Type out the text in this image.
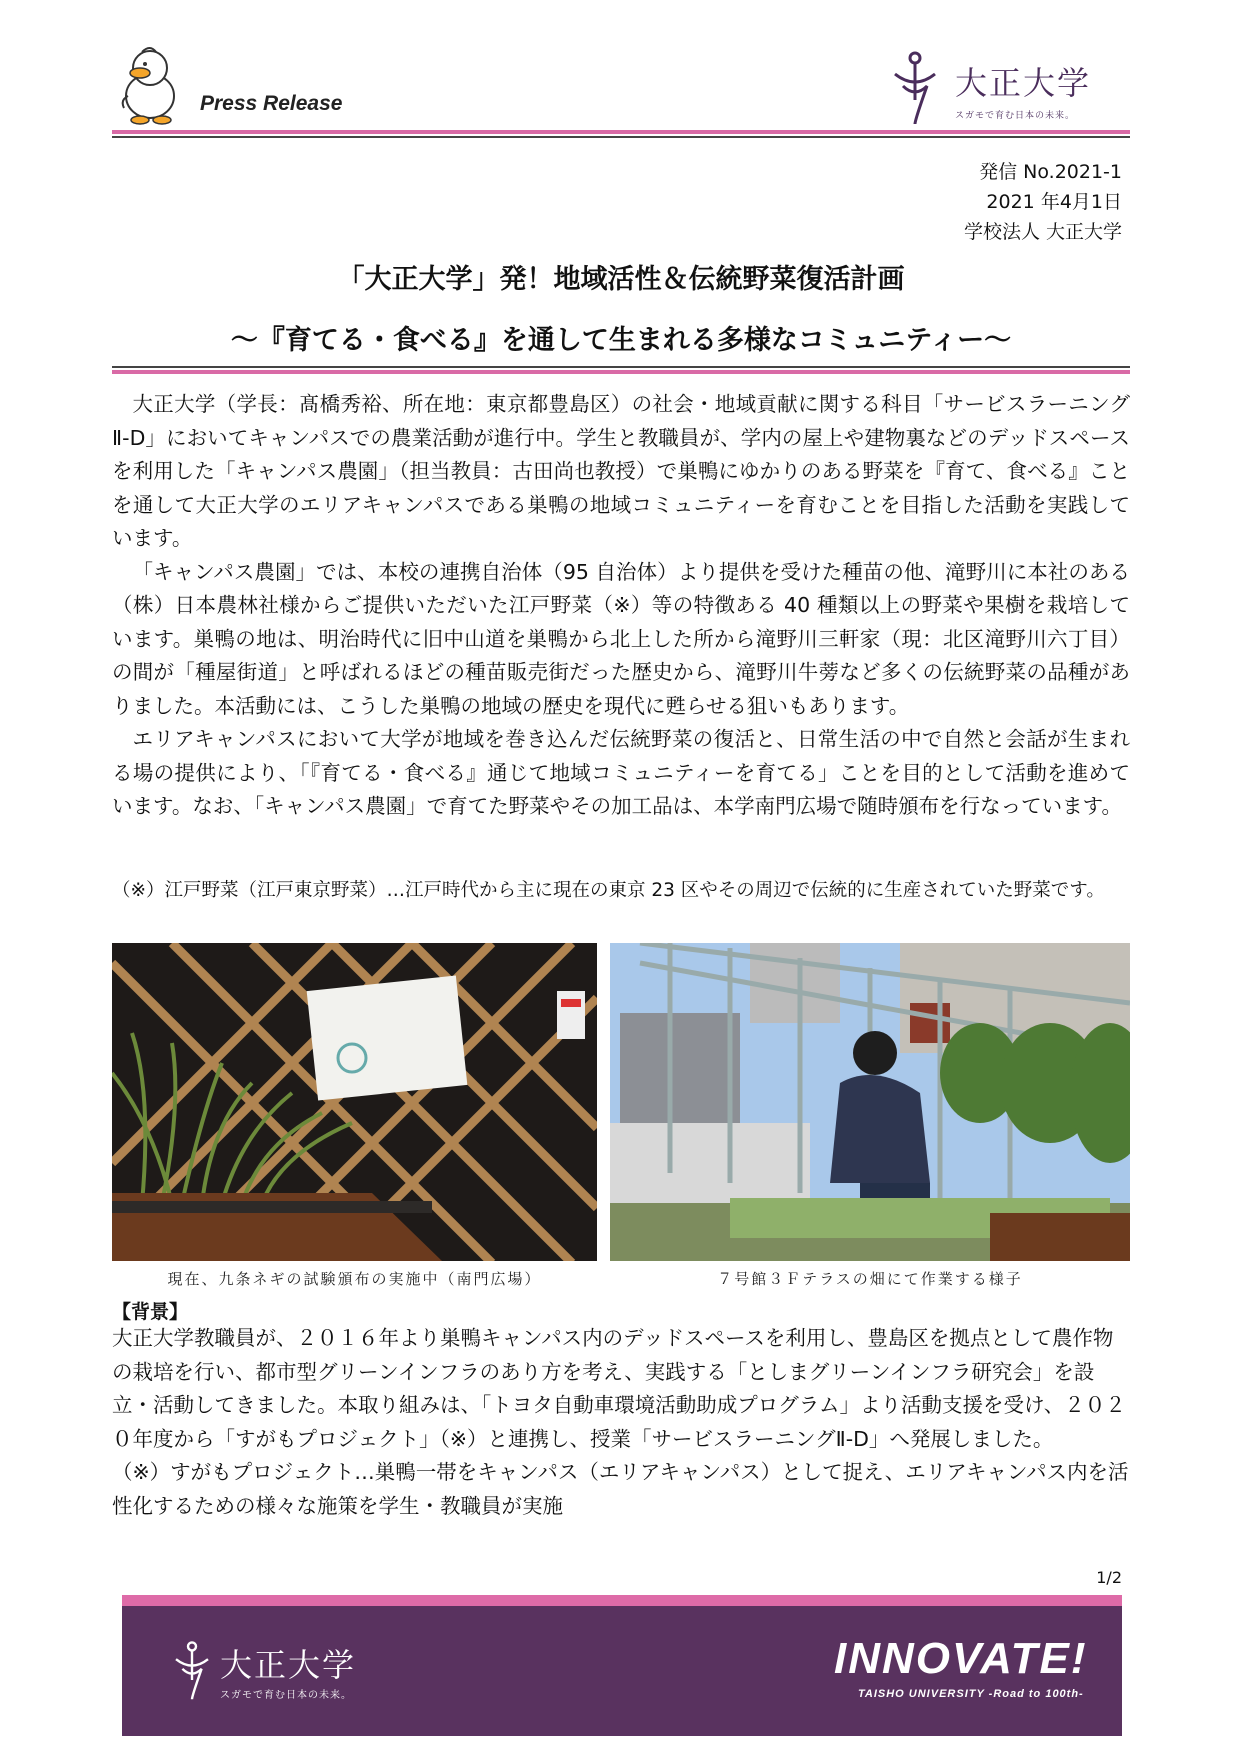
Press Release
大正大学
スガモで育む日本の未来。
発信 No.2021-1
2021 年4月1日
学校法人 大正大学
「大正大学」発！地域活性＆伝統野菜復活計画
～『育てる・食べる』を通して生まれる多様なコミュニティー～

大正大学（学長：髙橋秀裕、所在地：東京都豊島区）の社会・地域貢献に関する科目「サービスラーニングⅡ-D」においてキャンパスでの農業活動が進行中。学生と教職員が、学内の屋上や建物裏などのデッドスペースを利用した「キャンパス農園」（担当教員：古田尚也教授）で巣鴨にゆかりのある野菜を『育て、食べる』ことを通して大正大学のエリアキャンパスである巣鴨の地域コミュニティーを育むことを目指した活動を実践しています。

「キャンパス農園」では、本校の連携自治体（95 自治体）より提供を受けた種苗の他、滝野川に本社のある（株）日本農林社様からご提供いただいた江戸野菜（※）等の特徴ある 40 種類以上の野菜や果樹を栽培しています。巣鴨の地は、明治時代に旧中山道を巣鴨から北上した所から滝野川三軒家（現：北区滝野川六丁目）の間が「種屋街道」と呼ばれるほどの種苗販売街だった歴史から、滝野川牛蒡など多くの伝統野菜の品種がありました。本活動には、こうした巣鴨の地域の歴史を現代に甦らせる狙いもあります。

エリアキャンパスにおいて大学が地域を巻き込んだ伝統野菜の復活と、日常生活の中で自然と会話が生まれる場の提供により、「『育てる・食べる』通じて地域コミュニティーを育てる」ことを目的として活動を進めています。なお、「キャンパス農園」で育てた野菜やその加工品は、本学南門広場で随時頒布を行なっています。

（※）江戸野菜（江戸東京野菜）…江戸時代から主に現在の東京 23 区やその周辺で伝統的に生産されていた野菜です。
現在、九条ネギの試験頒布の実施中（南門広場）	７号館３Ｆテラスの畑にて作業する様子
【背景】
大正大学教職員が、２０１６年より巣鴨キャンパス内のデッドスペースを利用し、豊島区を拠点として農作物の栽培を行い、都市型グリーンインフラのあり方を考え、実践する「としまグリーンインフラ研究会」を設立・活動してきました。本取り組みは、「トヨタ自動車環境活動助成プログラム」より活動支援を受け、２０２０年度から「すがもプロジェクト」（※）と連携し、授業「サービスラーニングⅡ-D」へ発展しました。
（※）すがもプロジェクト…巣鴨一帯をキャンパス（エリアキャンパス）として捉え、エリアキャンパス内を活性化するための様々な施策を学生・教職員が実施
1/2
大正大学
スガモで育む日本の未来。
INNOVATE!
TAISHO UNIVERSITY -Road to 100th-
